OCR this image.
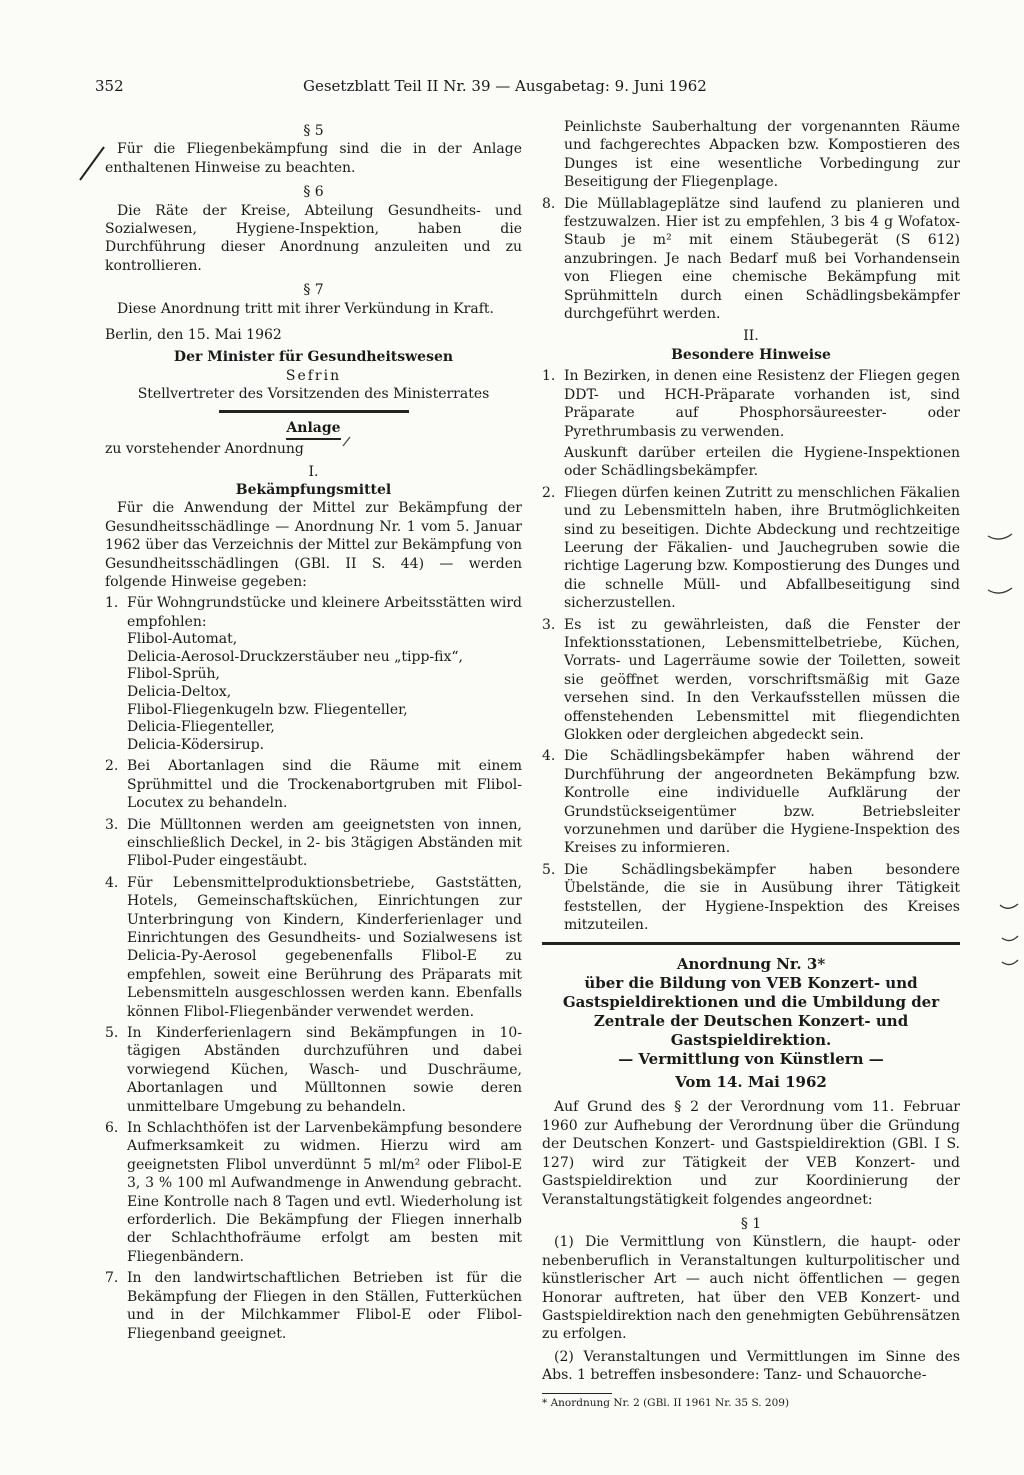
352	Gesetzblatt Teil II Nr. 39 — Ausgabetag: 9. Juni 1962
§ 5
Für die Fliegenbekämpfung sind die in der Anlage enthaltenen Hinweise zu beachten.
§ 6
Die Räte der Kreise, Abteilung Gesundheits- und Sozialwesen, Hygiene-Inspektion, haben die Durchführung dieser Anordnung anzuleiten und zu kontrollieren.
§ 7
Diese Anordnung tritt mit ihrer Verkündung in Kraft.
Berlin, den 15. Mai 1962
Der Minister für Gesundheitswesen
Sefrin
Stellvertreter des Vorsitzenden des Ministerrates
Anlage
zu vorstehender Anordnung
I.
Bekämpfungsmittel
Für die Anwendung der Mittel zur Bekämpfung der Gesundheitsschädlinge — Anordnung Nr. 1 vom 5. Januar 1962 über das Verzeichnis der Mittel zur Bekämpfung von Gesundheitsschädlingen (GBl. II S. 44) — werden folgende Hinweise gegeben:
1. Für Wohngrundstücke und kleinere Arbeitsstätten wird empfohlen:
Flibol-Automat,
Delicia-Aerosol-Druckzerstäuber neu „tipp-fix“,
Flibol-Sprüh,
Delicia-Deltox,
Flibol-Fliegenkugeln bzw. Fliegenteller,
Delicia-Fliegenteller,
Delicia-Ködersirup.
2. Bei Abortanlagen sind die Räume mit einem Sprühmittel und die Trockenabortgruben mit Flibol-Locutex zu behandeln.
3. Die Mülltonnen werden am geeignetsten von innen, einschließlich Deckel, in 2- bis 3tägigen Abständen mit Flibol-Puder eingestäubt.
4. Für Lebensmittelproduktionsbetriebe, Gaststätten, Hotels, Gemeinschaftsküchen, Einrichtungen zur Unterbringung von Kindern, Kinderferienlager und Einrichtungen des Gesundheits- und Sozialwesens ist Delicia-Py-Aerosol gegebenenfalls Flibol-E zu empfehlen, soweit eine Berührung des Präparats mit Lebensmitteln ausgeschlossen werden kann. Ebenfalls können Flibol-Fliegenbänder verwendet werden.
5. In Kinderferienlagern sind Bekämpfungen in 10-tägigen Abständen durchzuführen und dabei vorwiegend Küchen, Wasch- und Duschräume, Abortanlagen und Mülltonnen sowie deren unmittelbare Umgebung zu behandeln.
6. In Schlachthöfen ist der Larvenbekämpfung besondere Aufmerksamkeit zu widmen. Hierzu wird am geeignetsten Flibol unverdünnt 5 ml/m² oder Flibol-E 3, 3 % 100 ml Aufwandmenge in Anwendung gebracht. Eine Kontrolle nach 8 Tagen und evtl. Wiederholung ist erforderlich. Die Bekämpfung der Fliegen innerhalb der Schlachthofräume erfolgt am besten mit Fliegenbändern.
7. In den landwirtschaftlichen Betrieben ist für die Bekämpfung der Fliegen in den Ställen, Futterküchen und in der Milchkammer Flibol-E oder Flibol-Fliegenband geeignet.
Peinlichste Sauberhaltung der vorgenannten Räume und fachgerechtes Abpacken bzw. Kompostieren des Dunges ist eine wesentliche Vorbedingung zur Beseitigung der Fliegenplage.
8. Die Müllablageplätze sind laufend zu planieren und festzuwalzen. Hier ist zu empfehlen, 3 bis 4 g Wofatox-Staub je m² mit einem Stäubegerät (S 612) anzubringen. Je nach Bedarf muß bei Vorhandensein von Fliegen eine chemische Bekämpfung mit Sprühmitteln durch einen Schädlingsbekämpfer durchgeführt werden.
II.
Besondere Hinweise
1. In Bezirken, in denen eine Resistenz der Fliegen gegen DDT- und HCH-Präparate vorhanden ist, sind Präparate auf Phosphorsäureester- oder Pyrethrumbasis zu verwenden.
Auskunft darüber erteilen die Hygiene-Inspektionen oder Schädlingsbekämpfer.
2. Fliegen dürfen keinen Zutritt zu menschlichen Fäkalien und zu Lebensmitteln haben, ihre Brutmöglichkeiten sind zu beseitigen. Dichte Abdeckung und rechtzeitige Leerung der Fäkalien- und Jauchegruben sowie die richtige Lagerung bzw. Kompostierung des Dunges und die schnelle Müll- und Abfallbeseitigung sind sicherzustellen.
3. Es ist zu gewährleisten, daß die Fenster der Infektionsstationen, Lebensmittelbetriebe, Küchen, Vorrats- und Lagerräume sowie der Toiletten, soweit sie geöffnet werden, vorschriftsmäßig mit Gaze versehen sind. In den Verkaufsstellen müssen die offenstehenden Lebensmittel mit fliegendichten Glokken oder dergleichen abgedeckt sein.
4. Die Schädlingsbekämpfer haben während der Durchführung der angeordneten Bekämpfung bzw. Kontrolle eine individuelle Aufklärung der Grundstückseigentümer bzw. Betriebsleiter vorzunehmen und darüber die Hygiene-Inspektion des Kreises zu informieren.
5. Die Schädlingsbekämpfer haben besondere Übelstände, die sie in Ausübung ihrer Tätigkeit feststellen, der Hygiene-Inspektion des Kreises mitzuteilen.
Anordnung Nr. 3*
über die Bildung von VEB Konzert- und Gastspieldirektionen und die Umbildung der Zentrale der Deutschen Konzert- und Gastspieldirektion.
— Vermittlung von Künstlern —
Vom 14. Mai 1962
Auf Grund des § 2 der Verordnung vom 11. Februar 1960 zur Aufhebung der Verordnung über die Gründung der Deutschen Konzert- und Gastspieldirektion (GBl. I S. 127) wird zur Tätigkeit der VEB Konzert- und Gastspieldirektion und zur Koordinierung der Veranstaltungstätigkeit folgendes angeordnet:
§ 1
(1) Die Vermittlung von Künstlern, die haupt- oder nebenberuflich in Veranstaltungen kulturpolitischer und künstlerischer Art — auch nicht öffentlichen — gegen Honorar auftreten, hat über den VEB Konzert- und Gastspieldirektion nach den genehmigten Gebührensätzen zu erfolgen.
(2) Veranstaltungen und Vermittlungen im Sinne des Abs. 1 betreffen insbesondere: Tanz- und Schauorche-
* Anordnung Nr. 2 (GBl. II 1961 Nr. 35 S. 209)
